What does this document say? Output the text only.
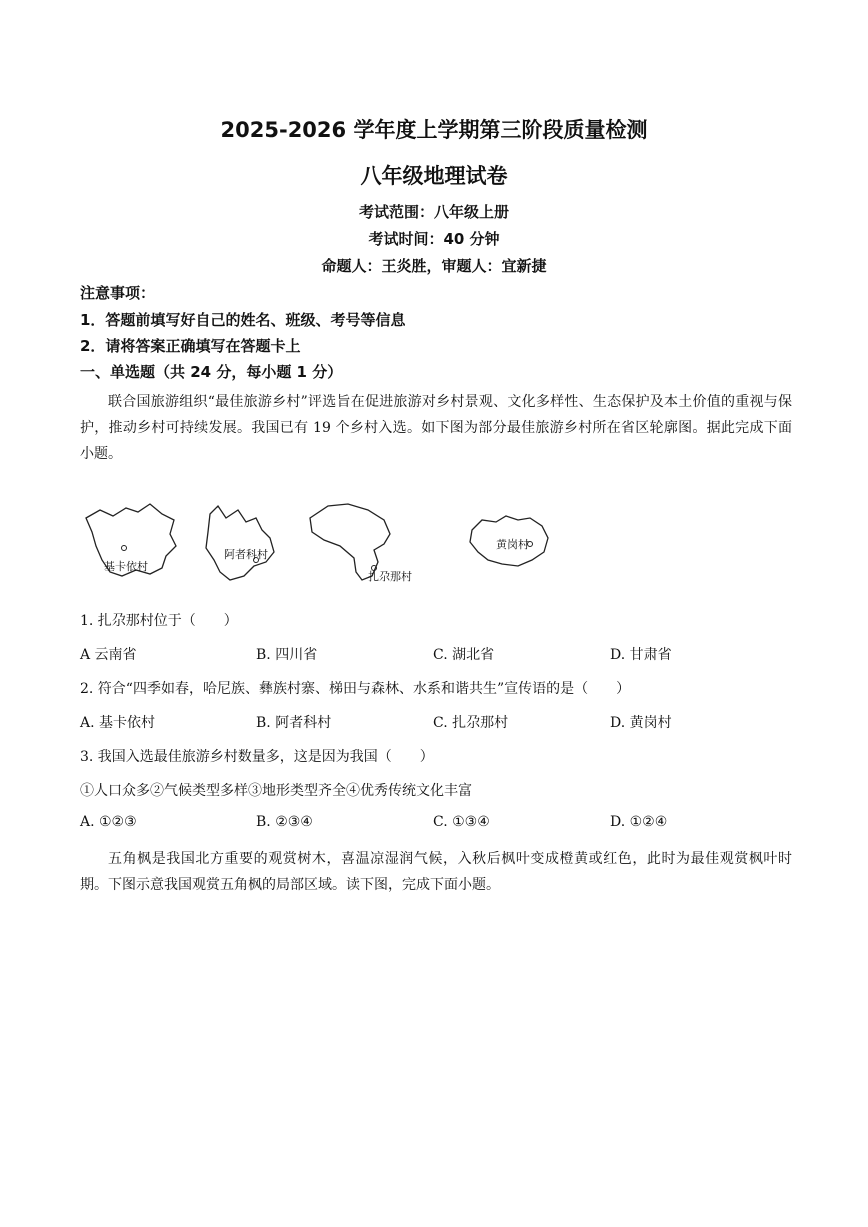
2025-2026 学年度上学期第三阶段质量检测
八年级地理试卷
考试范围：八年级上册
考试时间：40 分钟
命题人：王炎胜，审题人：宜新捷
注意事项：
1．答题前填写好自己的姓名、班级、考号等信息
2．请将答案正确填写在答题卡上
一、单选题（共 24 分，每小题 1 分）
联合国旅游组织“最佳旅游乡村”评选旨在促进旅游对乡村景观、文化多样性、生态保护及本土价值的重视与保护，推动乡村可持续发展。我国已有 19 个乡村入选。如下图为部分最佳旅游乡村所在省区轮廓图。据此完成下面小题。
基卡依村
阿者科村
扎尕那村
黄岗村
1. 扎尕那村位于（　　）
A 云南省	B. 四川省	C. 湖北省	D. 甘肃省
2. 符合“四季如春，哈尼族、彝族村寨、梯田与森林、水系和谐共生”宣传语的是（　　）
A. 基卡依村	B. 阿者科村	C. 扎尕那村	D. 黄岗村
3. 我国入选最佳旅游乡村数量多，这是因为我国（　　）
①人口众多②气候类型多样③地形类型齐全④优秀传统文化丰富
A. ①②③	B. ②③④	C. ①③④	D. ①②④
五角枫是我国北方重要的观赏树木，喜温凉湿润气候，入秋后枫叶变成橙黄或红色，此时为最佳观赏枫叶时期。下图示意我国观赏五角枫的局部区域。读下图，完成下面小题。
